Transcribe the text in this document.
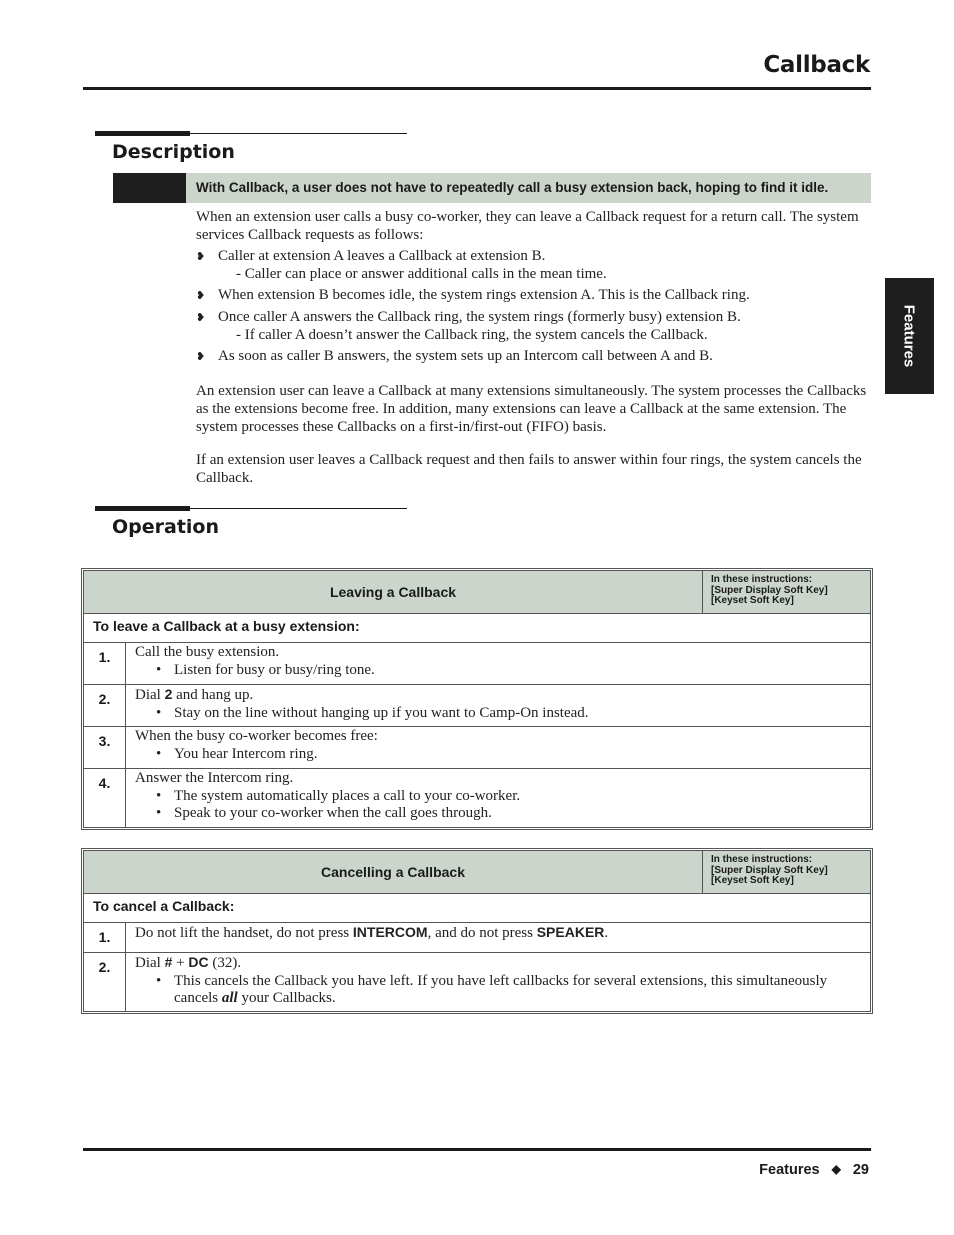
Callback
Features
Description
With Callback, a user does not have to repeatedly call a busy extension back, hoping to find it idle.

When an extension user calls a busy co-worker, they can leave a Callback request for a return call. The system services Callback requests as follows:

❥ Caller at extension A leaves a Callback at extension B.
- Caller can place or answer additional calls in the mean time.
❥ When extension B becomes idle, the system rings extension A. This is the Callback ring.
❥ Once caller A answers the Callback ring, the system rings (formerly busy) extension B.
- If caller A doesn’t answer the Callback ring, the system cancels the Callback.
❥ As soon as caller B answers, the system sets up an Intercom call between A and B.

An extension user can leave a Callback at many extensions simultaneously. The system processes the Callbacks as the extensions become free. In addition, many extensions can leave a Callback at the same extension. The system processes these Callbacks on a first-in/first-out (FIFO) basis.

If an extension user leaves a Callback request and then fails to answer within four rings, the system cancels the Callback.

Operation
Leaving a Callback		In these instructions:
[Super Display Soft Key]
[Keyset Soft Key]

To leave a Callback at a busy extension:		
1.	Call the busy extension.
• Listen for busy or busy/ring tone.	

2.	Dial 2 and hang up.
• Stay on the line without hanging up if you want to Camp-On instead.	

3.	When the busy co-worker becomes free:
• You hear Intercom ring.	

4.	Answer the Intercom ring.
• The system automatically places a call to your co-worker.
• Speak to your co-worker when the call goes through.	
Cancelling a Callback		In these instructions:
[Super Display Soft Key]
[Keyset Soft Key]

To cancel a Callback:		
1.	Do not lift the handset, do not press INTERCOM, and do not press SPEAKER.	

2.	Dial # + DC (32).
• This cancels the Callback you have left. If you have left callbacks for several extensions, this simultaneously cancels all your Callbacks.	
Features ◆ 29
